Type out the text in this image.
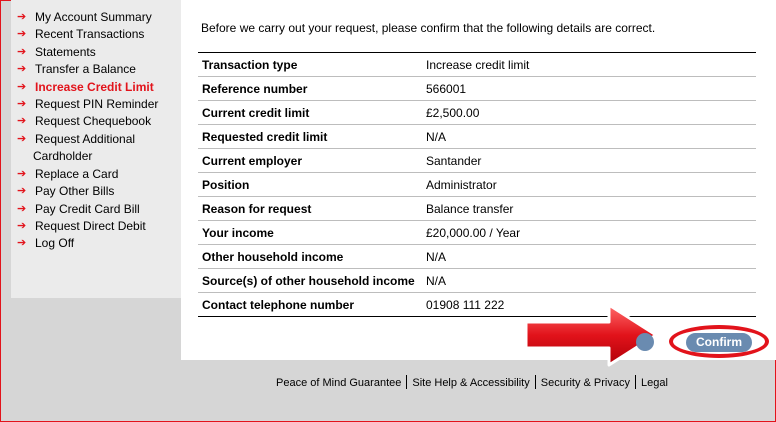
➔ My Account Summary
➔ Recent Transactions
➔ Statements
➔ Transfer a Balance
➔ Increase Credit Limit
➔ Request PIN Reminder
➔ Request Chequebook
➔ Request Additional
Cardholder
➔ Replace a Card
➔ Pay Other Bills
➔ Pay Credit Card Bill
➔ Request Direct Debit
➔ Log Off
Before we carry out your request, please confirm that the following details are correct.
Transaction type	Increase credit limit
Reference number	566001
Current credit limit	£2,500.00
Requested credit limit	N/A
Current employer	Santander
Position	Administrator
Reason for request	Balance transfer
Your income	£20,000.00 / Year
Other household income	N/A
Source(s) of other household income	N/A
Contact telephone number	01908 111 222
Confirm
Peace of Mind Guarantee Site Help & Accessibility Security & Privacy Legal
